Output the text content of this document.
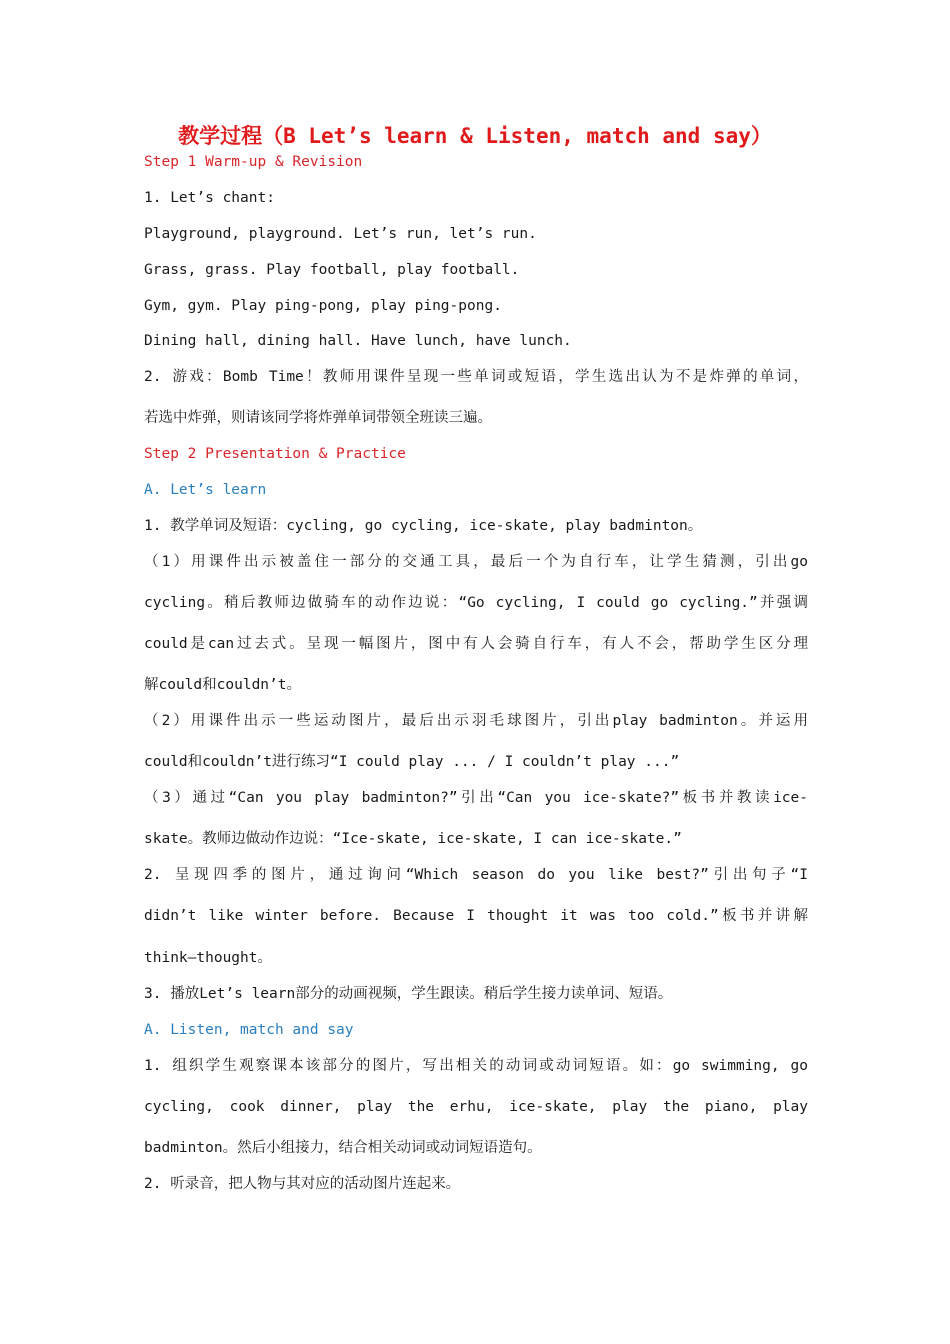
教学过程（B Let’s learn & Listen, match and say）
Step 1 Warm-up & Revision
1. Let’s chant:
Playground, playground. Let’s run, let’s run.
Grass, grass. Play football, play football.
Gym, gym. Play ping-pong, play ping-pong.
Dining hall, dining hall. Have lunch, have lunch.
2. 游戏：Bomb Time！教师用课件呈现一些单词或短语，学生选出认为不是炸弹的单词，
若选中炸弹，则请该同学将炸弹单词带领全班读三遍。
Step 2 Presentation & Practice
A. Let’s learn
1. 教学单词及短语：cycling, go cycling, ice-skate, play badminton。
（1）用课件出示被盖住一部分的交通工具，最后一个为自行车，让学生猜测，引出go
cycling。稍后教师边做骑车的动作边说：“Go cycling, I could go cycling.”并强调
could是can过去式。呈现一幅图片，图中有人会骑自行车，有人不会，帮助学生区分理
解could和couldn’t。
（2）用课件出示一些运动图片，最后出示羽毛球图片，引出play badminton。并运用
could和couldn’t进行练习“I could play ... / I couldn’t play ...”
（3）通过“Can you play badminton?”引出“Can you ice-skate?”板书并教读ice-
skate。教师边做动作边说：“Ice-skate, ice-skate, I can ice-skate.”
2. 呈现四季的图片，通过询问“Which season do you like best?”引出句子“I
didn’t like winter before. Because I thought it was too cold.”板书并讲解
think—thought。
3. 播放Let’s learn部分的动画视频，学生跟读。稍后学生接力读单词、短语。
A. Listen, match and say
1. 组织学生观察课本该部分的图片，写出相关的动词或动词短语。如：go swimming, go
cycling, cook dinner, play the erhu, ice-skate, play the piano, play
badminton。然后小组接力，结合相关动词或动词短语造句。
2. 听录音，把人物与其对应的活动图片连起来。
